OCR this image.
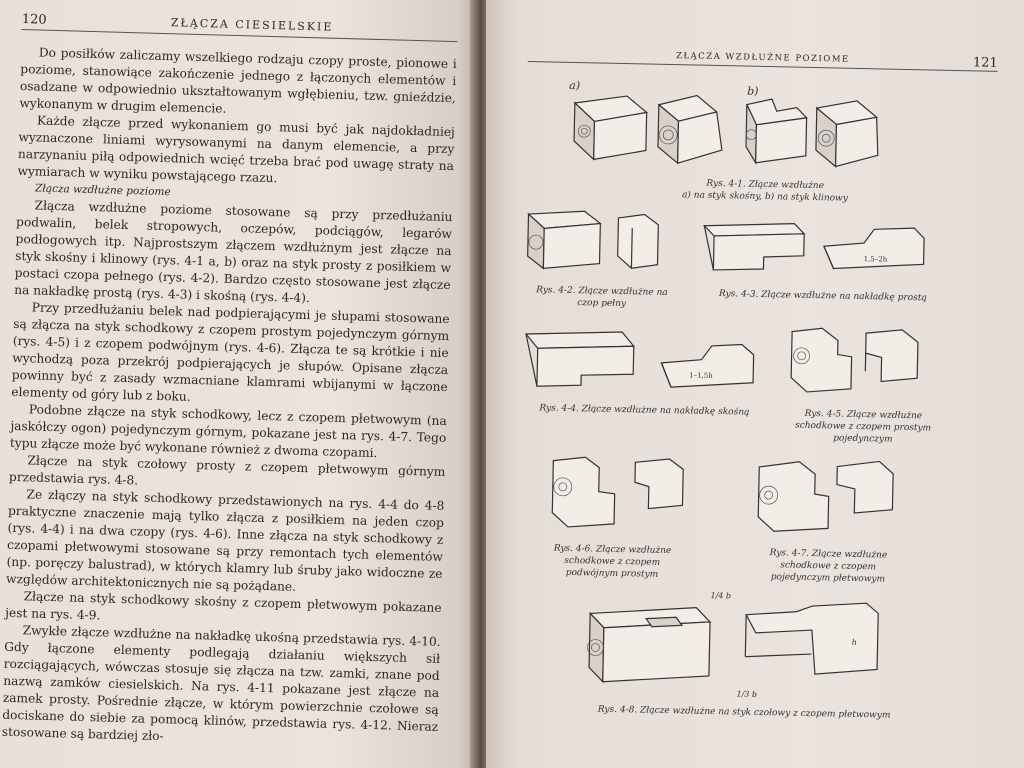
120	ZŁĄCZA CIESIELSKIE

Do posiłków zaliczamy wszelkiego rodzaju czopy proste, pionowe i poziome, stanowiące zakończenie jednego z łączonych elementów i osadzane w odpowiednio ukształtowanym wgłębieniu, tzw. gnieździe, wykonanym w drugim elemencie.

Każde złącze przed wykonaniem go musi być jak najdokładniej wyznaczone liniami wyrysowanymi na danym elemencie, a przy narzynaniu piłą odpowiednich wcięć trzeba brać pod uwagę straty na wymiarach w wyniku powstającego rzazu.

Złącza wzdłużne poziome

Złącza wzdłużne poziome stosowane są przy przedłużaniu podwalin, belek stropowych, oczepów, podciągów, legarów podłogowych itp. Najprostszym złączem wzdłużnym jest złącze na styk skośny i klinowy (rys. 4-1 a, b) oraz na styk prosty z posiłkiem w postaci czopa pełnego (rys. 4-2). Bardzo często stosowane jest złącze na nakładkę prostą (rys. 4-3) i skośną (rys. 4-4).

Przy przedłużaniu belek nad podpierającymi je słupami stosowane są złącza na styk schodkowy z czopem prostym pojedynczym górnym (rys. 4-5) i z czopem podwójnym (rys. 4-6). Złącza te są krótkie i nie wychodzą poza przekrój podpierających je słupów. Opisane złącza powinny być z zasady wzmacniane klamrami wbijanymi w łączone elementy od góry lub z boku.

Podobne złącze na styk schodkowy, lecz z czopem płetwowym (na jaskółczy ogon) pojedynczym górnym, pokazane jest na rys. 4-7. Tego typu złącze może być wykonane również z dwoma czopami.

Złącze na styk czołowy prosty z czopem płetwowym górnym przedstawia rys. 4-8.

Ze złączy na styk schodkowy przedstawionych na rys. 4-4 do 4-8 praktyczne znaczenie mają tylko złącza z posiłkiem na jeden czop (rys. 4-4) i na dwa czopy (rys. 4-6). Inne złącza na styk schodkowy z czopami płetwowymi stosowane są przy remontach tych elementów (np. poręczy balustrad), w których klamry lub śruby jako widoczne ze względów architektonicznych nie są pożądane.

Złącze na styk schodkowy skośny z czopem płetwowym pokazane jest na rys. 4-9.

Zwykłe złącze wzdłużne na nakładkę ukośną przedstawia rys. 4-10. Gdy łączone elementy podlegają działaniu większych sił rozciągających, wówczas stosuje się złącza na tzw. zamki, znane pod nazwą zamków ciesielskich. Na rys. 4-11 pokazane jest złącze na zamek prosty. Pośrednie złącze, w którym powierzchnie czołowe są dociskane do siebie za pomocą klinów, przedstawia rys. 4-12. Nieraz stosowane są bardziej zło-

ZŁĄCZA WZDŁUŻNE POZIOME	121
a)	b)
Rys. 4-1. Złącze wzdłużne
a) na styk skośny, b) na styk klinowy
1,5–2h
Rys. 4-2. Złącze wzdłużne na czop pełny
Rys. 4-3. Złącze wzdłużne na nakładkę prostą
1–1,5h
Rys. 4-4. Złącze wzdłużne na nakładkę skośną	Rys. 4-5. Złącze wzdłużne schodkowe z czopem prostym pojedynczym
Rys. 4-6. Złącze wzdłużne schodkowe z czopem podwójnym prostym
Rys. 4-7. Złącze wzdłużne schodkowe z czopem pojedynczym płetwowym
1/4 b
1/3 b
h
Rys. 4-8. Złącze wzdłużne na styk czołowy z czopem płetwowym
